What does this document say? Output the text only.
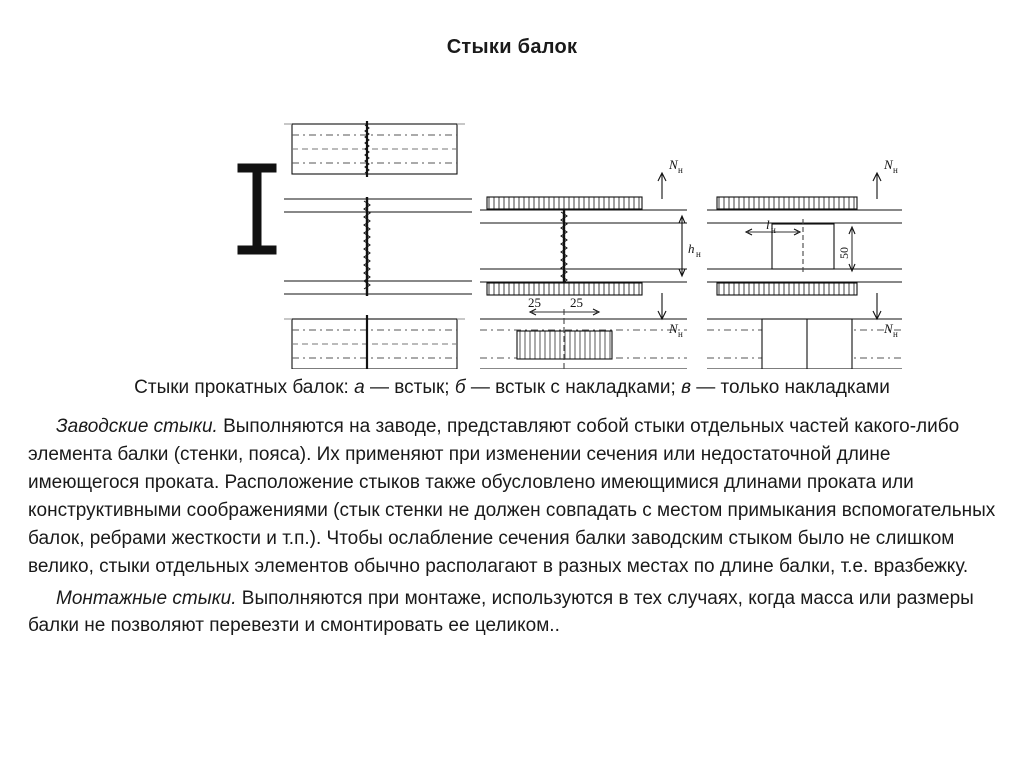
Стыки балок
N н
N н
h н
N н
N н
l н
50
25 25
Стыки прокатных балок: а — встык; б — встык с накладками; в — только накладками

Заводские стыки. Выполняются на заводе, представляют собой стыки отдельных частей какого-либо элемента балки (стенки, пояса). Их применяют при изменении сечения или недостаточной длине имеющегося проката. Расположение стыков также обусловлено имеющимися длинами проката или конструктивными соображениями (стык стенки не должен совпадать с местом примыкания вспомогательных балок, ребрами жесткости и т.п.). Чтобы ослабление сечения балки заводским стыком было не слишком велико, стыки отдельных элементов обычно располагают в разных местах по длине балки, т.е. вразбежку.

Монтажные стыки. Выполняются при монтаже, используются в тех случаях, когда масса или размеры балки не позволяют перевезти и смонтировать ее целиком..
